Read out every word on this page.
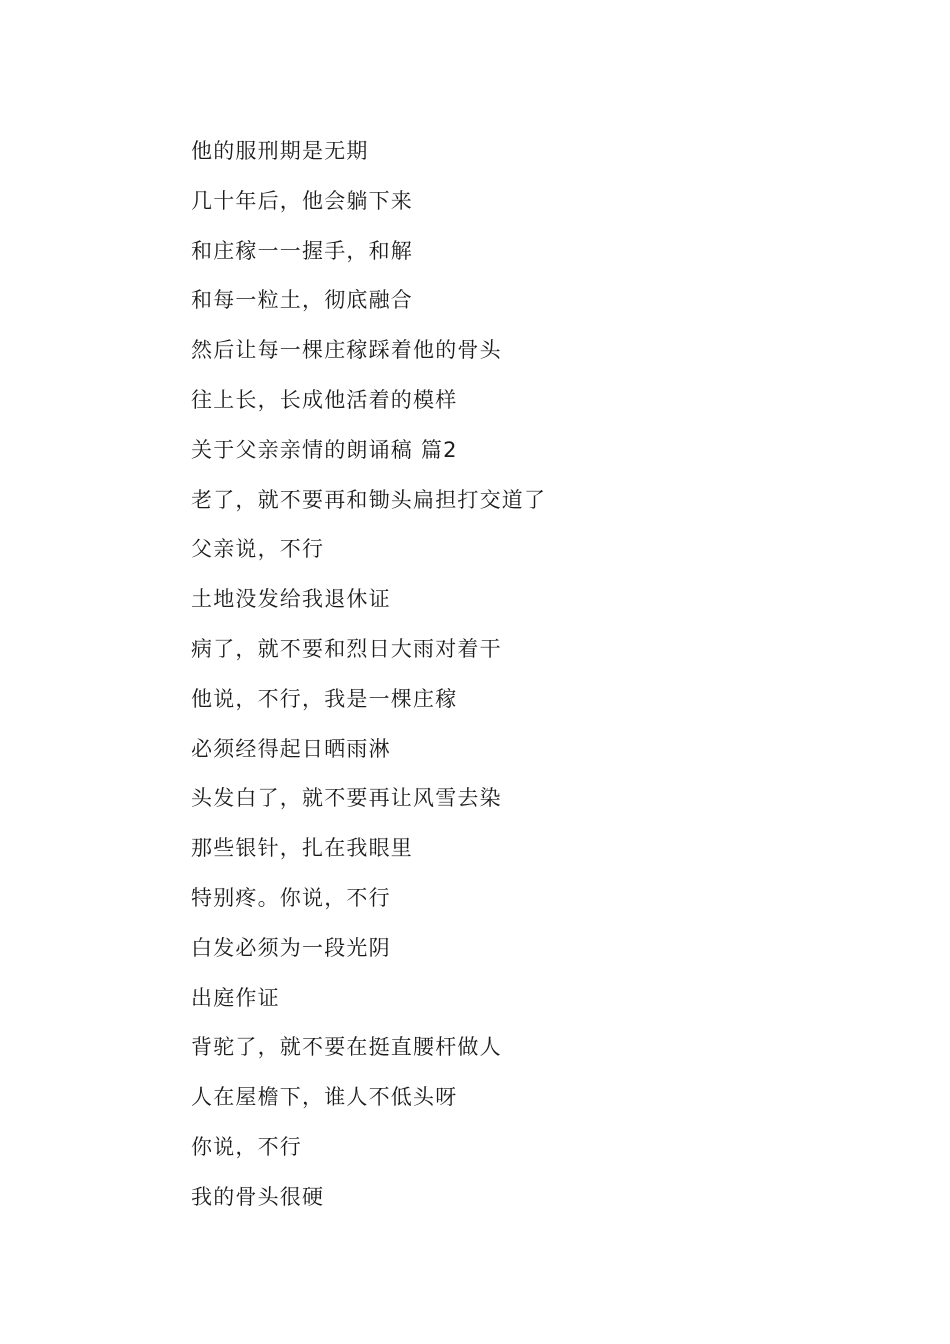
他的服刑期是无期
几十年后，他会躺下来
和庄稼一一握手，和解
和每一粒土，彻底融合
然后让每一棵庄稼踩着他的骨头
往上长，长成他活着的模样
关于父亲亲情的朗诵稿 篇2
老了，就不要再和锄头扁担打交道了
父亲说，不行
土地没发给我退休证
病了，就不要和烈日大雨对着干
他说，不行，我是一棵庄稼
必须经得起日晒雨淋
头发白了，就不要再让风雪去染
那些银针，扎在我眼里
特别疼。你说，不行
白发必须为一段光阴
出庭作证
背驼了，就不要在挺直腰杆做人
人在屋檐下，谁人不低头呀
你说，不行
我的骨头很硬
